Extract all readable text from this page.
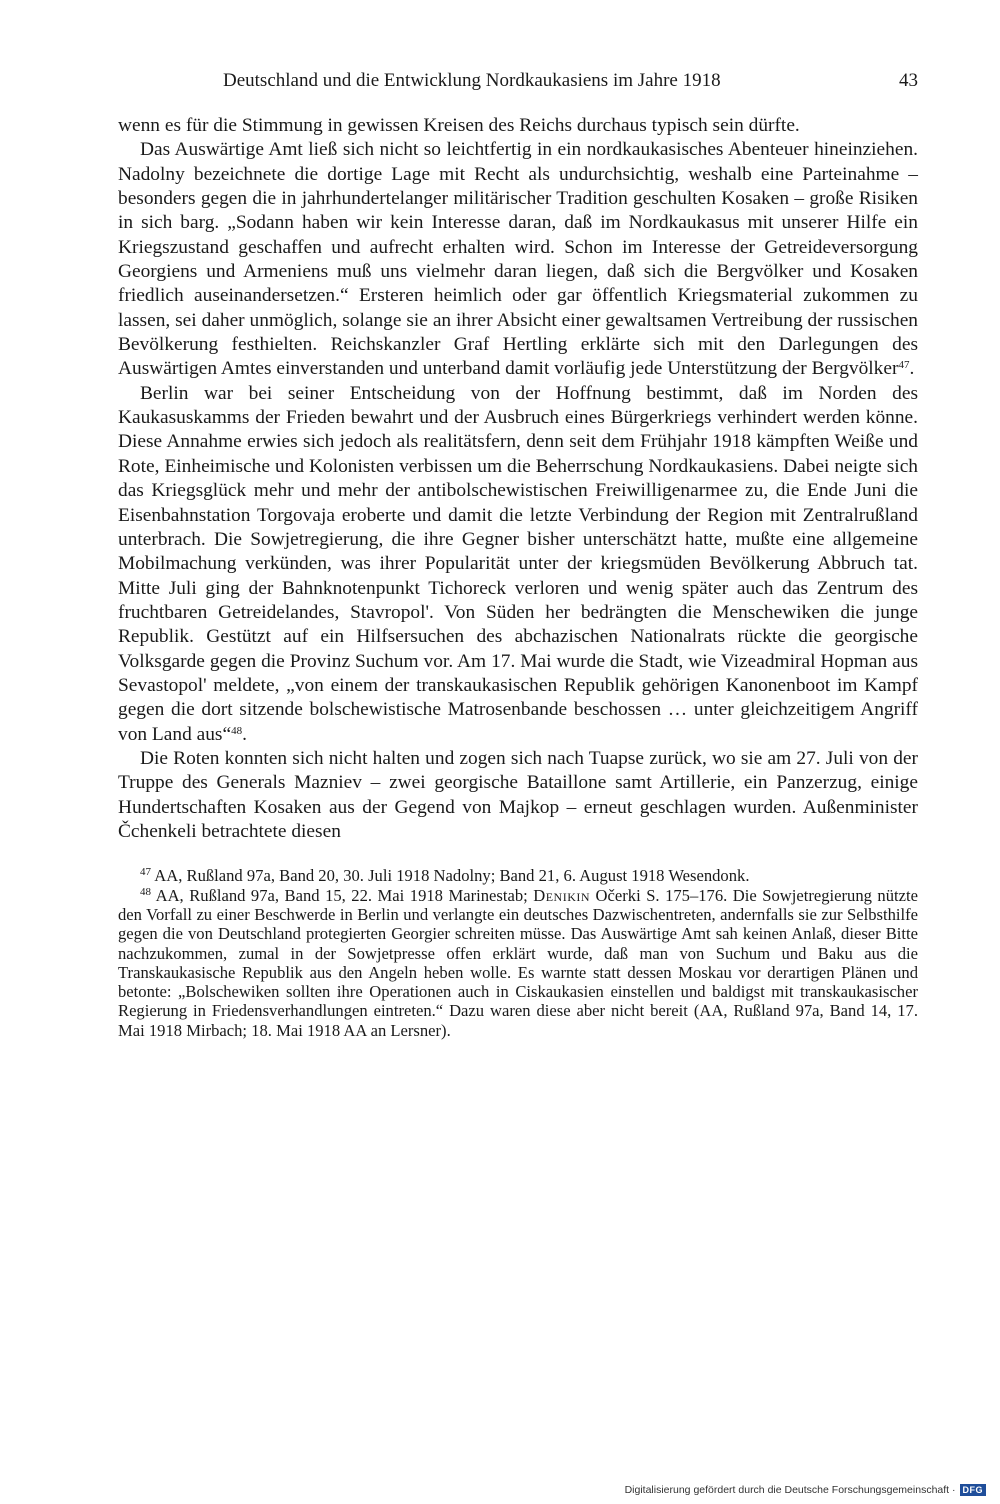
Deutschland und die Entwicklung Nordkaukasiens im Jahre 1918	43

wenn es für die Stimmung in gewissen Kreisen des Reichs durchaus typisch sein dürfte.

Das Auswärtige Amt ließ sich nicht so leichtfertig in ein nordkaukasisches Abenteuer hineinziehen. Nadolny bezeichnete die dortige Lage mit Recht als undurchsichtig, weshalb eine Parteinahme – besonders gegen die in jahrhundertelanger militärischer Tradition geschulten Kosaken – große Risiken in sich barg. „Sodann haben wir kein Interesse daran, daß im Nordkaukasus mit unserer Hilfe ein Kriegszustand geschaffen und aufrecht erhalten wird. Schon im Interesse der Getreideversorgung Georgiens und Armeniens muß uns vielmehr daran liegen, daß sich die Bergvölker und Kosaken friedlich auseinandersetzen.“ Ersteren heimlich oder gar öffentlich Kriegsmaterial zukommen zu lassen, sei daher unmöglich, solange sie an ihrer Absicht einer gewaltsamen Vertreibung der russischen Bevölkerung festhielten. Reichskanzler Graf Hertling erklärte sich mit den Darlegungen des Auswärtigen Amtes einverstanden und unterband damit vorläufig jede Unterstützung der Bergvölker$^{47}$.

Berlin war bei seiner Entscheidung von der Hoffnung bestimmt, daß im Norden des Kaukasuskamms der Frieden bewahrt und der Ausbruch eines Bürgerkriegs verhindert werden könne. Diese Annahme erwies sich jedoch als realitätsfern, denn seit dem Frühjahr 1918 kämpften Weiße und Rote, Einheimische und Kolonisten verbissen um die Beherrschung Nordkaukasiens. Dabei neigte sich das Kriegsglück mehr und mehr der antibolschewistischen Freiwilligenarmee zu, die Ende Juni die Eisenbahnstation Torgovaja eroberte und damit die letzte Verbindung der Region mit Zentralrußland unterbrach. Die Sowjetregierung, die ihre Gegner bisher unterschätzt hatte, mußte eine allgemeine Mobilmachung verkünden, was ihrer Popularität unter der kriegsmüden Bevölkerung Abbruch tat. Mitte Juli ging der Bahnknotenpunkt Tichoreck verloren und wenig später auch das Zentrum des fruchtbaren Getreidelandes, Stavropol'. Von Süden her bedrängten die Menschewiken die junge Republik. Gestützt auf ein Hilfsersuchen des abchazischen Nationalrats rückte die georgische Volksgarde gegen die Provinz Suchum vor. Am 17. Mai wurde die Stadt, wie Vizeadmiral Hopman aus Sevastopol' meldete, „von einem der transkaukasischen Republik gehörigen Kanonenboot im Kampf gegen die dort sitzende bolschewistische Matrosenbande beschossen … unter gleichzeitigem Angriff von Land aus“$^{48}$.

Die Roten konnten sich nicht halten und zogen sich nach Tuapse zurück, wo sie am 27. Juli von der Truppe des Generals Mazniev – zwei georgische Bataillone samt Artillerie, ein Panzerzug, einige Hundertschaften Kosaken aus der Gegend von Majkop – erneut geschlagen wurden. Außenminister Čchenkeli betrachtete diesen

$^{47}$ AA, Rußland 97a, Band 20, 30. Juli 1918 Nadolny; Band 21, 6. August 1918 Wesendonk.

$^{48}$ AA, Rußland 97a, Band 15, 22. Mai 1918 Marinestab; Denikin Očerki S. 175–176. Die Sowjetregierung nützte den Vorfall zu einer Beschwerde in Berlin und verlangte ein deutsches Dazwischentreten, andernfalls sie zur Selbsthilfe gegen die von Deutschland protegierten Georgier schreiten müsse. Das Auswärtige Amt sah keinen Anlaß, dieser Bitte nachzukommen, zumal in der Sowjetpresse offen erklärt wurde, daß man von Suchum und Baku aus die Transkaukasische Republik aus den Angeln heben wolle. Es warnte statt dessen Moskau vor derartigen Plänen und betonte: „Bolschewiken sollten ihre Operationen auch in Ciskaukasien einstellen und baldigst mit transkaukasischer Regierung in Friedensverhandlungen eintreten.“ Dazu waren diese aber nicht bereit (AA, Rußland 97a, Band 14, 17. Mai 1918 Mirbach; 18. Mai 1918 AA an Lersner).

Digitalisierung gefördert durch die Deutsche Forschungsgemeinschaft · DFG
